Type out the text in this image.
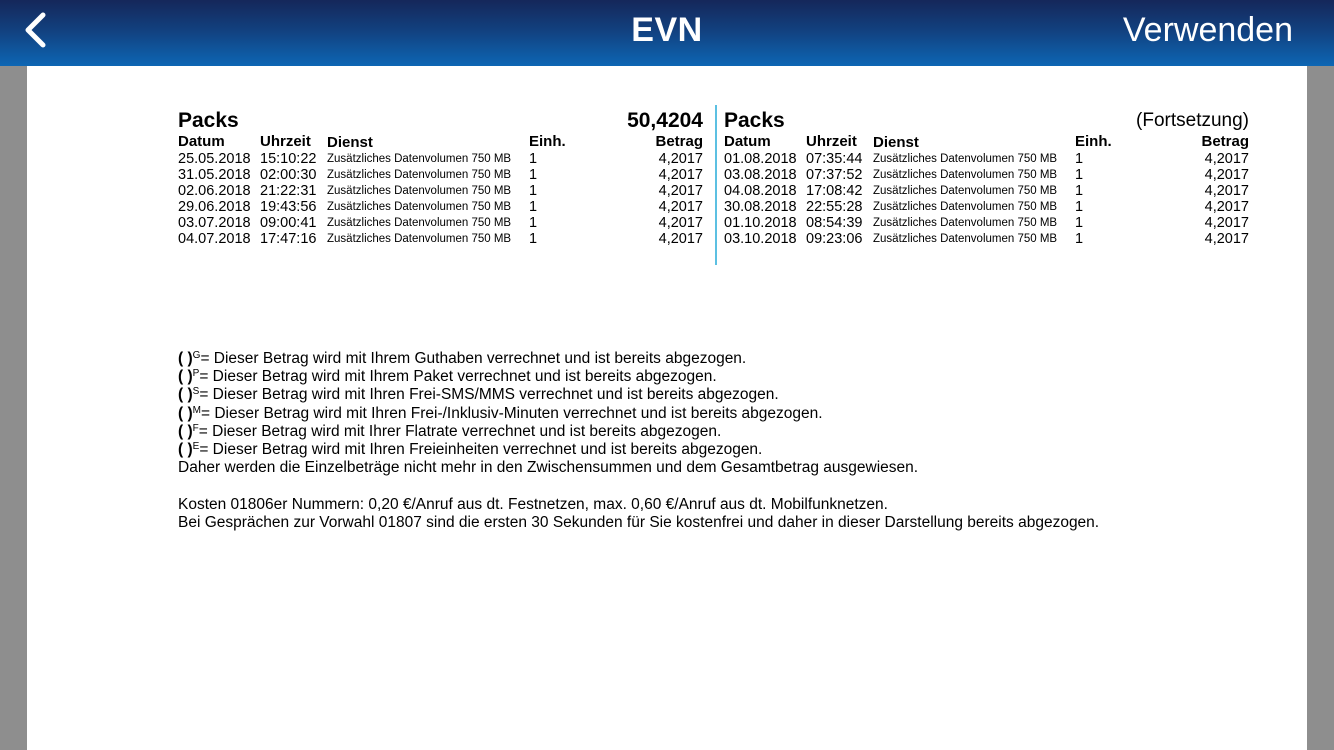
EVN	Verwenden
Packs	50,4204
Datum Uhrzeit Dienst	Einh.	Betrag
25.05.2018 15:10:22 Zusätzliches Datenvolumen 750 MB 1	4,2017
31.05.2018 02:00:30 Zusätzliches Datenvolumen 750 MB 1	4,2017
02.06.2018 21:22:31 Zusätzliches Datenvolumen 750 MB 1	4,2017
29.06.2018 19:43:56 Zusätzliches Datenvolumen 750 MB 1	4,2017
03.07.2018 09:00:41 Zusätzliches Datenvolumen 750 MB 1	4,2017
04.07.2018 17:47:16 Zusätzliches Datenvolumen 750 MB 1	4,2017
Packs	(Fortsetzung)
Datum Uhrzeit Dienst	Einh.	Betrag
01.08.2018 07:35:44 Zusätzliches Datenvolumen 750 MB 1	4,2017
03.08.2018 07:37:52 Zusätzliches Datenvolumen 750 MB 1	4,2017
04.08.2018 17:08:42 Zusätzliches Datenvolumen 750 MB 1	4,2017
30.08.2018 22:55:28 Zusätzliches Datenvolumen 750 MB 1	4,2017
01.10.2018 08:54:39 Zusätzliches Datenvolumen 750 MB 1	4,2017
03.10.2018 09:23:06 Zusätzliches Datenvolumen 750 MB 1	4,2017
( )$^G$= Dieser Betrag wird mit Ihrem Guthaben verrechnet und ist bereits abgezogen.
( )$^P$= Dieser Betrag wird mit Ihrem Paket verrechnet und ist bereits abgezogen.
( )$^S$= Dieser Betrag wird mit Ihren Frei-SMS/MMS verrechnet und ist bereits abgezogen.
( )$^M$= Dieser Betrag wird mit Ihren Frei-/Inklusiv-Minuten verrechnet und ist bereits abgezogen.
( )$^F$= Dieser Betrag wird mit Ihrer Flatrate verrechnet und ist bereits abgezogen.
( )$^E$= Dieser Betrag wird mit Ihren Freieinheiten verrechnet und ist bereits abgezogen.
Daher werden die Einzelbeträge nicht mehr in den Zwischensummen und dem Gesamtbetrag ausgewiesen.
Kosten 01806er Nummern: 0,20 €/Anruf aus dt. Festnetzen, max. 0,60 €/Anruf aus dt. Mobilfunknetzen.
Bei Gesprächen zur Vorwahl 01807 sind die ersten 30 Sekunden für Sie kostenfrei und daher in dieser Darstellung bereits abgezogen.
